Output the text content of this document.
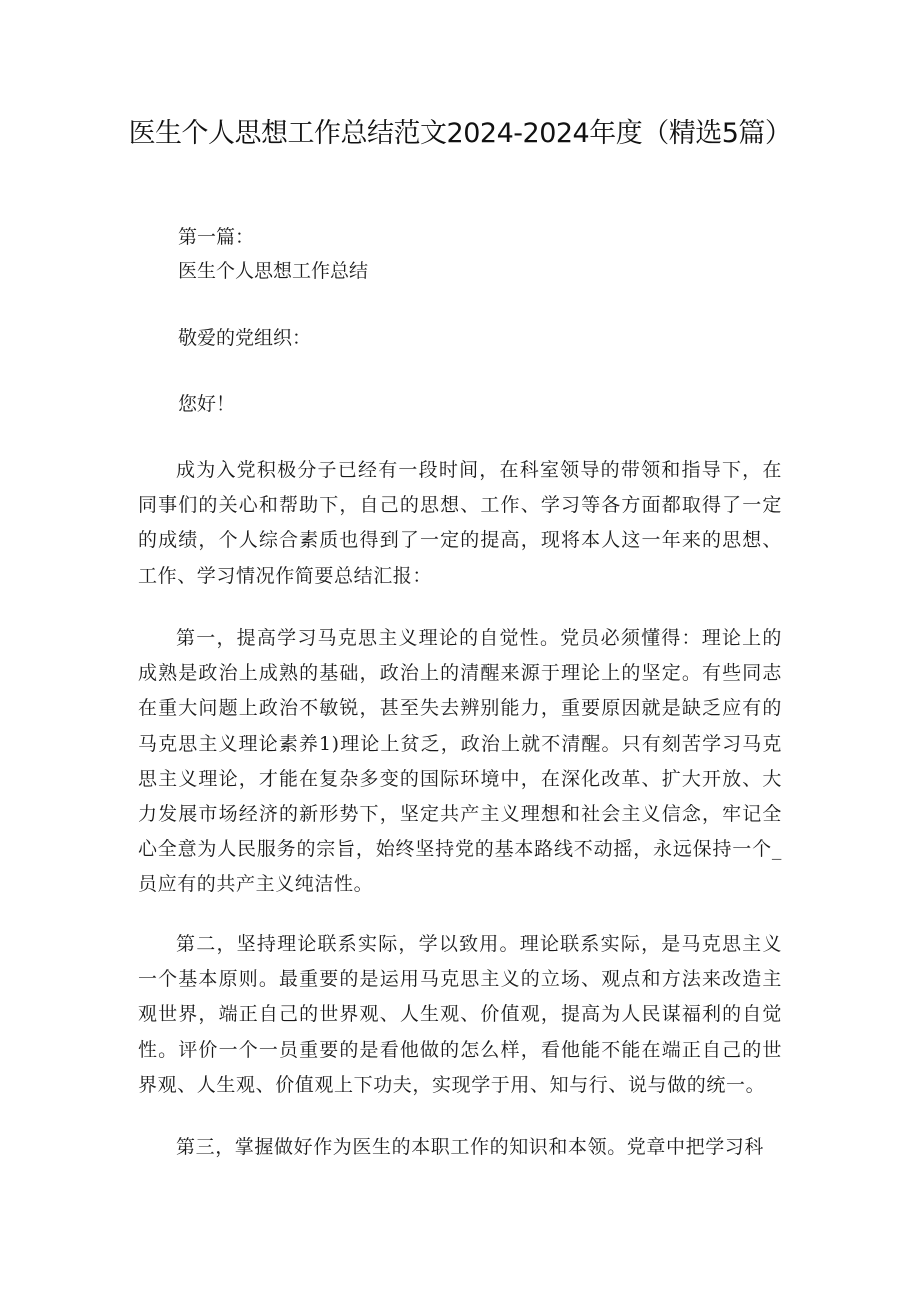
医生个人思想工作总结范文2024-2024年度（精选5篇）

第一篇：

医生个人思想工作总结

敬爱的党组织：

您好！

成为入党积极分子已经有一段时间，在科室领导的带领和指导下，在同事们的关心和帮助下，自己的思想、工作、学习等各方面都取得了一定的成绩，个人综合素质也得到了一定的提高，现将本人这一年来的思想、工作、学习情况作简要总结汇报：

第一，提高学习马克思主义理论的自觉性。党员必须懂得：理论上的成熟是政治上成熟的基础，政治上的清醒来源于理论上的坚定。有些同志在重大问题上政治不敏锐，甚至失去辨别能力，重要原因就是缺乏应有的马克思主义理论素养1)理论上贫乏，政治上就不清醒。只有刻苦学习马克思主义理论，才能在复杂多变的国际环境中，在深化改革、扩大开放、大力发展市场经济的新形势下，坚定共产主义理想和社会主义信念，牢记全心全意为人民服务的宗旨，始终坚持党的基本路线不动摇，永远保持一个_员应有的共产主义纯洁性。

第二，坚持理论联系实际，学以致用。理论联系实际，是马克思主义一个基本原则。最重要的是运用马克思主义的立场、观点和方法来改造主观世界，端正自己的世界观、人生观、价值观，提高为人民谋福利的自觉性。评价一个一员重要的是看他做的怎么样，看他能不能在端正自己的世界观、人生观、价值观上下功夫，实现学于用、知与行、说与做的统一。

第三，掌握做好作为医生的本职工作的知识和本领。党章中把学习科
